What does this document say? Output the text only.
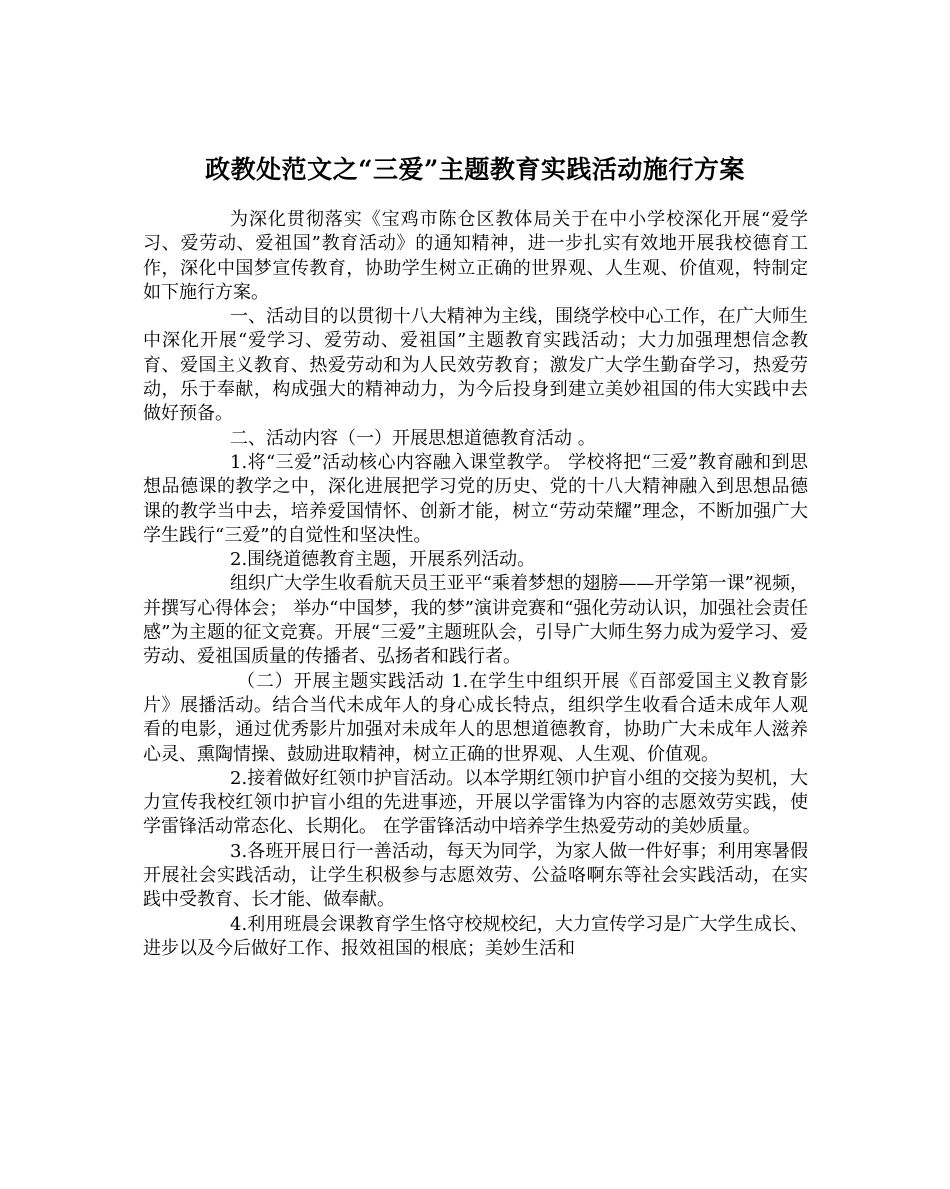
政教处范文之“三爱”主题教育实践活动施行方案

为深化贯彻落实《宝鸡市陈仓区教体局关于在中小学校深化开展“爱学习、爱劳动、爱祖国”教育活动》的通知精神，进一步扎实有效地开展我校德育工作，深化中国梦宣传教育，协助学生树立正确的世界观、人生观、价值观，特制定如下施行方案。

一、活动目的以贯彻十八大精神为主线，围绕学校中心工作，在广大师生中深化开展“爱学习、爱劳动、爱祖国”主题教育实践活动；大力加强理想信念教育、爱国主义教育、热爱劳动和为人民效劳教育；激发广大学生勤奋学习，热爱劳动，乐于奉献，构成强大的精神动力，为今后投身到建立美妙祖国的伟大实践中去做好预备。

二、活动内容（一）开展思想道德教育活动 。

1.将“三爱”活动核心内容融入课堂教学。 学校将把“三爱”教育融和到思想品德课的教学之中，深化进展把学习党的历史、党的十八大精神融入到思想品德课的教学当中去，培养爱国情怀、创新才能，树立“劳动荣耀”理念，不断加强广大学生践行“三爱”的自觉性和坚决性。

2.围绕道德教育主题，开展系列活动。

组织广大学生收看航天员王亚平“乘着梦想的翅膀——开学第一课”视频，并撰写心得体会； 举办“中国梦，我的梦”演讲竞赛和“强化劳动认识，加强社会责任感”为主题的征文竞赛。开展“三爱”主题班队会，引导广大师生努力成为爱学习、爱劳动、爱祖国质量的传播者、弘扬者和践行者。

（二）开展主题实践活动 1.在学生中组织开展《百部爱国主义教育影片》展播活动。结合当代未成年人的身心成长特点，组织学生收看合适未成年人观看的电影，通过优秀影片加强对未成年人的思想道德教育，协助广大未成年人滋养心灵、熏陶情操、鼓励进取精神，树立正确的世界观、人生观、价值观。

2.接着做好红领巾护盲活动。以本学期红领巾护盲小组的交接为契机，大力宣传我校红领巾护盲小组的先进事迹，开展以学雷锋为内容的志愿效劳实践，使学雷锋活动常态化、长期化。 在学雷锋活动中培养学生热爱劳动的美妙质量。

3.各班开展日行一善活动，每天为同学，为家人做一件好事；利用寒暑假开展社会实践活动，让学生积极参与志愿效劳、公益咯啊东等社会实践活动，在实践中受教育、长才能、做奉献。

4.利用班晨会课教育学生恪守校规校纪，大力宣传学习是广大学生成长、进步以及今后做好工作、报效祖国的根底；美妙生活和
